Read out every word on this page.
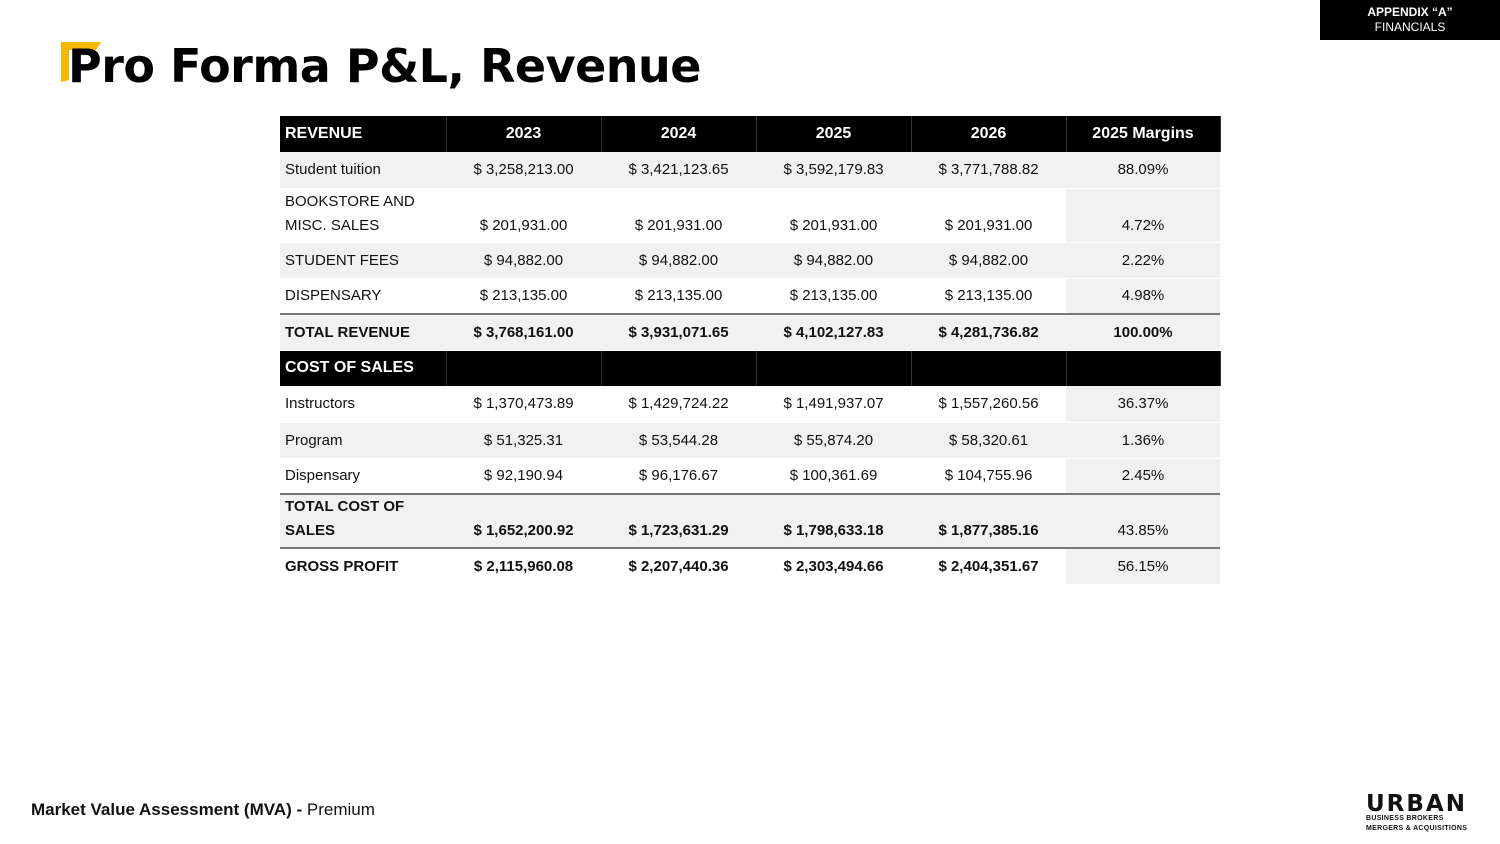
APPENDIX “A”
FINANCIALS
Pro Forma P&L, Revenue
REVENUE	2023	2024	2025	2026	2025 Margins
Student tuition	$ 3,258,213.00	$ 3,421,123.65	$ 3,592,179.83	$ 3,771,788.82	88.09%

BOOKSTORE AND
MISC. SALES	$ 201,931.00	$ 201,931.00	$ 201,931.00	$ 201,931.00	4.72%
STUDENT FEES	$ 94,882.00	$ 94,882.00	$ 94,882.00	$ 94,882.00	2.22%
DISPENSARY	$ 213,135.00	$ 213,135.00	$ 213,135.00	$ 213,135.00	4.98%
TOTAL REVENUE	$ 3,768,161.00	$ 3,931,071.65	$ 4,102,127.83	$ 4,281,736.82	100.00%
COST OF SALES					
Instructors	$ 1,370,473.89	$ 1,429,724.22	$ 1,491,937.07	$ 1,557,260.56	36.37%
Program	$ 51,325.31	$ 53,544.28	$ 55,874.20	$ 58,320.61	1.36%
Dispensary	$ 92,190.94	$ 96,176.67	$ 100,361.69	$ 104,755.96	2.45%

TOTAL COST OF
SALES	$ 1,652,200.92	$ 1,723,631.29	$ 1,798,633.18	$ 1,877,385.16	43.85%
GROSS PROFIT	$ 2,115,960.08	$ 2,207,440.36	$ 2,303,494.66	$ 2,404,351.67	56.15%
Market Value Assessment (MVA) - Premium	URBAN
BUSINESS BROKERS
MERGERS & ACQUISITIONS
